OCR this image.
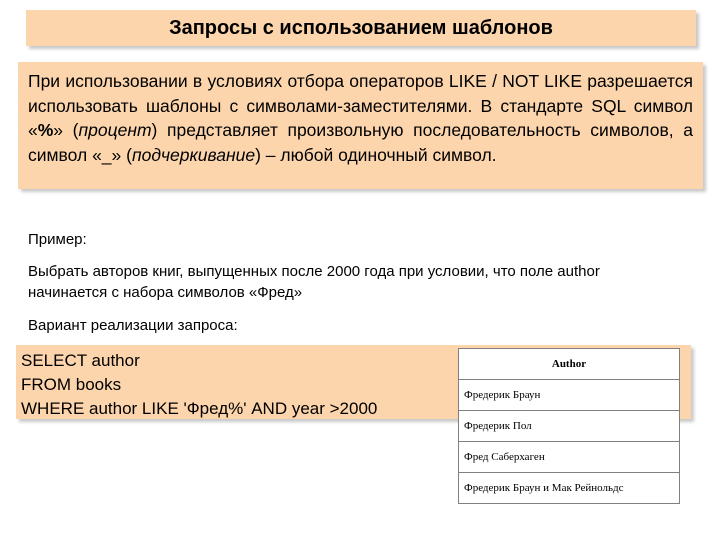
Запросы с использованием шаблонов
При использовании в условиях отбора операторов LIKE / NOT LIKE разрешается использовать шаблоны с символами-заместителями. В стандарте SQL символ «%» (процент) представляет произвольную последовательность символов, а символ «_» (подчеркивание) – любой одиночный символ.
Пример:
Выбрать авторов книг, выпущенных после 2000 года при условии, что поле author начинается с набора символов «Фред»
Вариант реализации запроса:
SELECT author
FROM books
WHERE author LIKE 'Фред%' AND year >2000
Author
Фредерик Браун
Фредерик Пол
Фред Саберхаген
Фредерик Браун и Мак Рейнольдс
